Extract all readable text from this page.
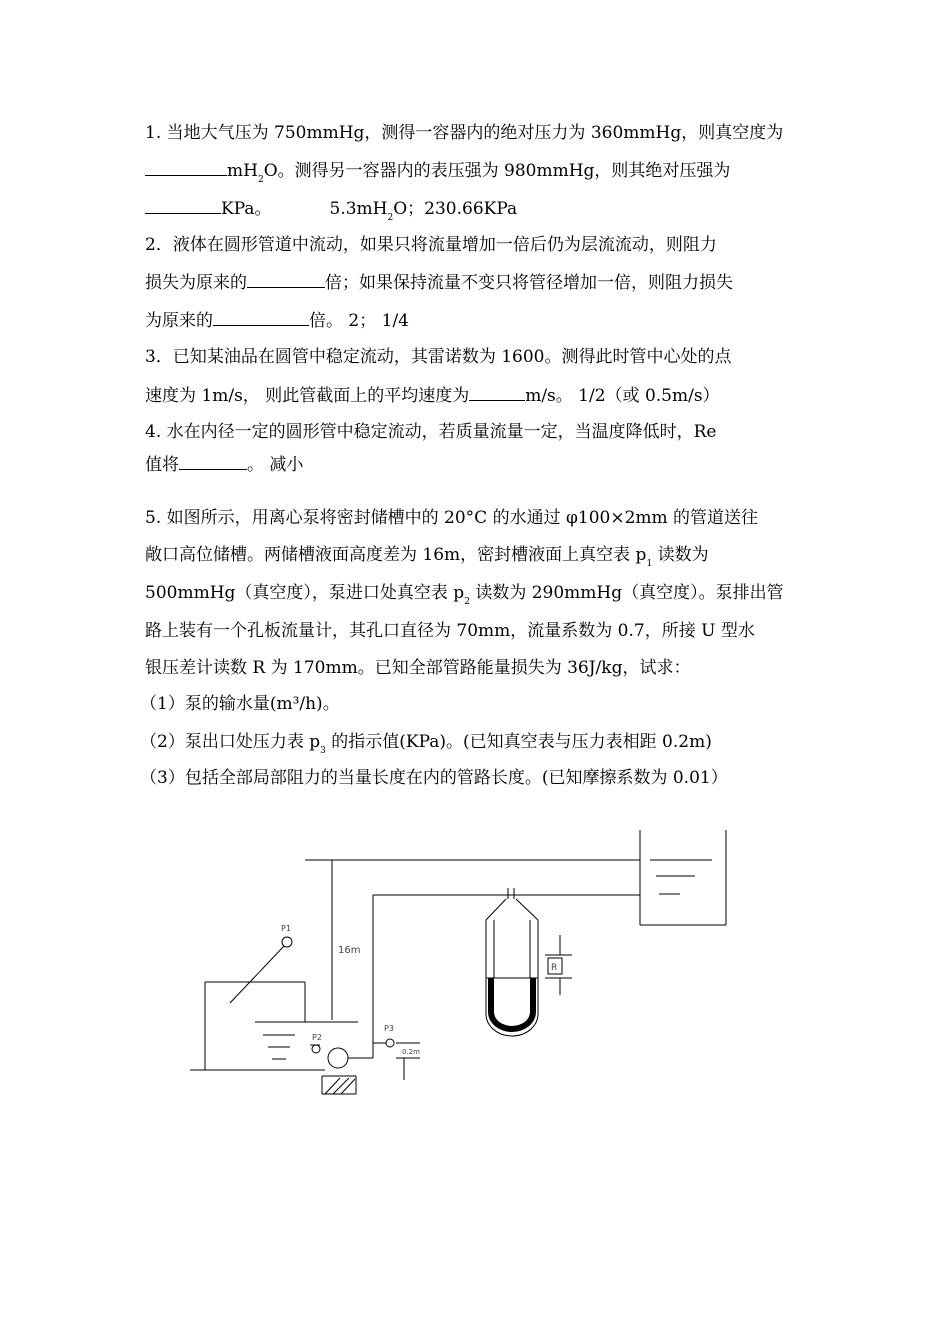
1. 当地大气压为 750mmHg，测得一容器内的绝对压力为 360mmHg，则真空度为
$mH_2O$。测得另一容器内的表压强为 980mmHg，则其绝对压强为
KPa。	$5.3mH_2O$；230.66KPa
2．液体在圆形管道中流动，如果只将流量增加一倍后仍为层流流动，则阻力
损失为原来的	倍；如果保持流量不变只将管径增加一倍，则阻力损失
为原来的	倍。 2； 1/4
3．已知某油品在圆管中稳定流动，其雷诺数为 1600。测得此时管中心处的点
速度为 1m/s， 则此管截面上的平均速度为	m/s。 1/2（或 0.5m/s）
4. 水在内径一定的圆形管中稳定流动，若质量流量一定，当温度降低时，Re
值将	。 减小
5. 如图所示，用离心泵将密封储槽中的 20°C 的水通过 φ100×2mm 的管道送往
敞口高位储槽。两储槽液面高度差为 16m，密封槽液面上真空表 $p_1$ 读数为
500mmHg（真空度），泵进口处真空表 $p_2$ 读数为 290mmHg（真空度）。泵排出管
路上装有一个孔板流量计，其孔口直径为 70mm，流量系数为 0.7，所接 U 型水
银压差计读数 R 为 170mm。已知全部管路能量损失为 36J/kg，试求：
（1）泵的输水量(m³/h)。
（2）泵出口处压力表 $p_3$ 的指示值(KPa)。(已知真空表与压力表相距 0.2m)
（3）包括全部局部阻力的当量长度在内的管路长度。(已知摩擦系数为 0.01）
16m
R
P1
P2
P3
0.2m
